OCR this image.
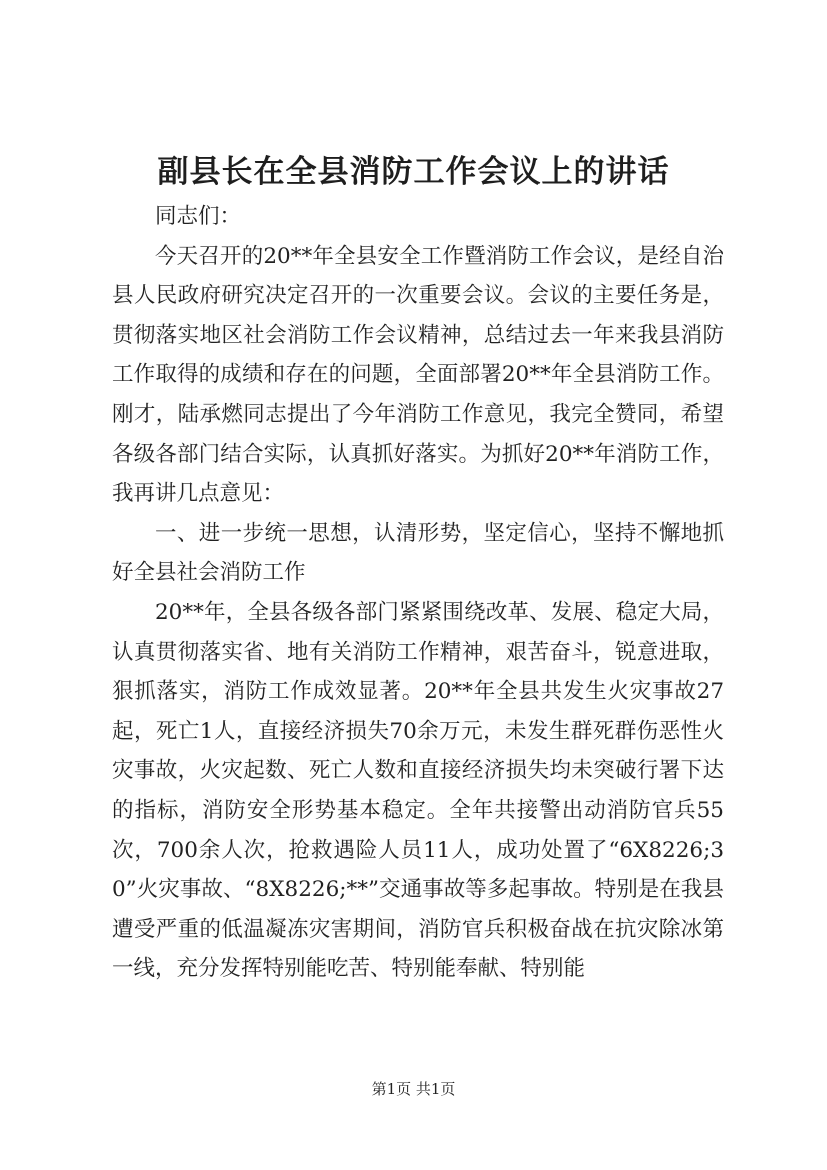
副县长在全县消防工作会议上的讲话

同志们：

今天召开的20**年全县安全工作暨消防工作会议，是经自治县人民政府研究决定召开的一次重要会议。会议的主要任务是，贯彻落实地区社会消防工作会议精神，总结过去一年来我县消防工作取得的成绩和存在的问题，全面部署20**年全县消防工作。刚才，陆承燃同志提出了今年消防工作意见，我完全赞同，希望各级各部门结合实际，认真抓好落实。为抓好20**年消防工作，我再讲几点意见：

一、进一步统一思想，认清形势，坚定信心，坚持不懈地抓好全县社会消防工作

20**年，全县各级各部门紧紧围绕改革、发展、稳定大局，认真贯彻落实省、地有关消防工作精神，艰苦奋斗，锐意进取，狠抓落实，消防工作成效显著。20**年全县共发生火灾事故27起，死亡1人，直接经济损失70余万元，未发生群死群伤恶性火灾事故，火灾起数、死亡人数和直接经济损失均未突破行署下达的指标，消防安全形势基本稳定。全年共接警出动消防官兵55次，700余人次，抢救遇险人员11人，成功处置了“6X8226;30”火灾事故、“8X8226;**”交通事故等多起事故。特别是在我县遭受严重的低温凝冻灾害期间，消防官兵积极奋战在抗灾除冰第一线，充分发挥特别能吃苦、特别能奉献、特别能

第1页 共1页
